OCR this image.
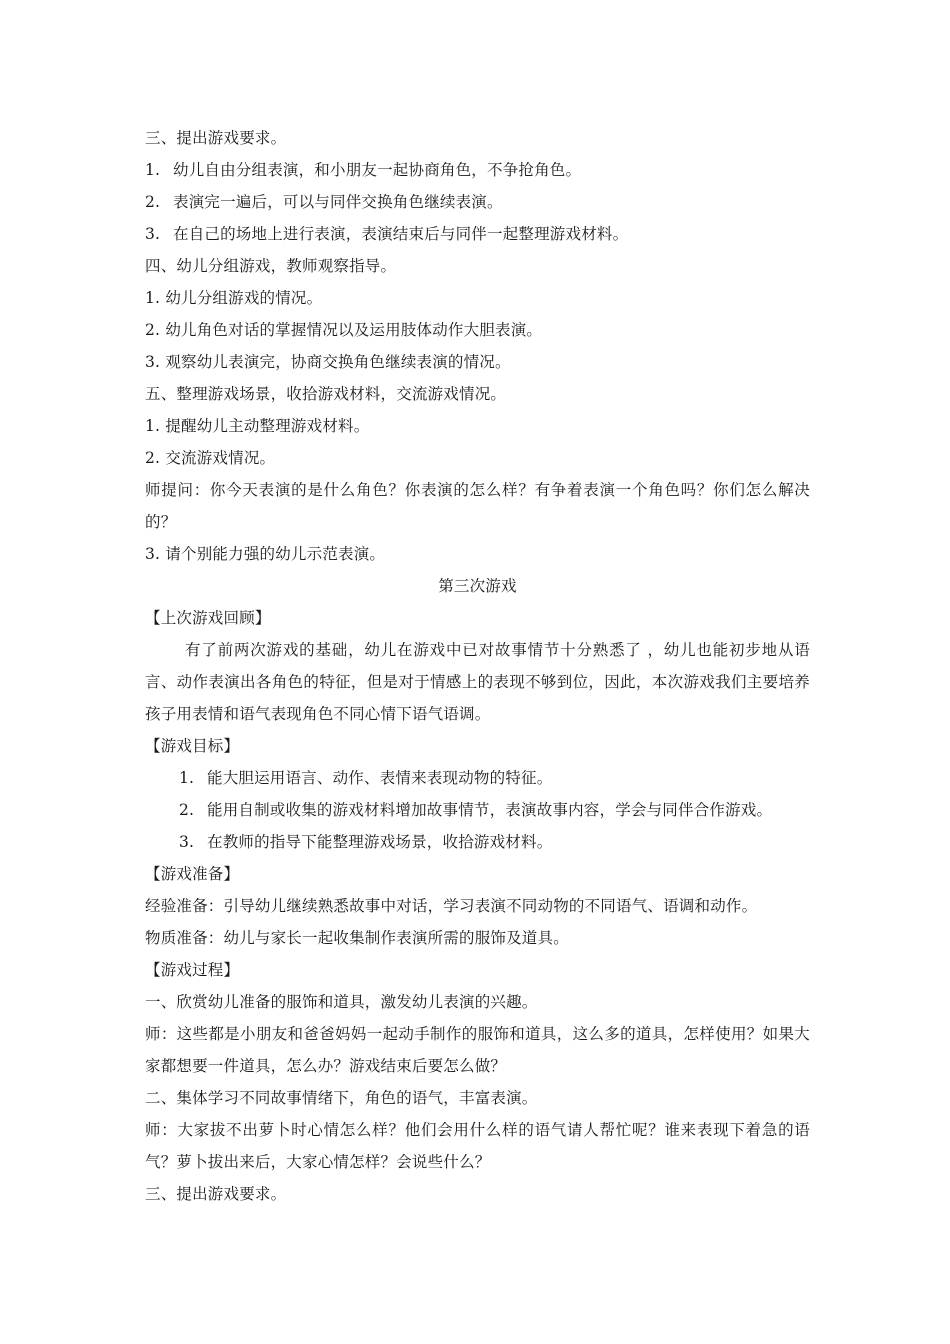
三、提出游戏要求。
1. 幼儿自由分组表演，和小朋友一起协商角色，不争抢角色。
2. 表演完一遍后，可以与同伴交换角色继续表演。
3. 在自己的场地上进行表演，表演结束后与同伴一起整理游戏材料。
四、幼儿分组游戏，教师观察指导。
1. 幼儿分组游戏的情况。
2. 幼儿角色对话的掌握情况以及运用肢体动作大胆表演。
3. 观察幼儿表演完，协商交换角色继续表演的情况。
五、整理游戏场景，收拾游戏材料，交流游戏情况。
1. 提醒幼儿主动整理游戏材料。
2. 交流游戏情况。
师提问：你今天表演的是什么角色？你表演的怎么样？有争着表演一个角色吗？你们怎么解决的？
3. 请个别能力强的幼儿示范表演。
第三次游戏
【上次游戏回顾】
有了前两次游戏的基础，幼儿在游戏中已对故事情节十分熟悉了 ，幼儿也能初步地从语言、动作表演出各角色的特征，但是对于情感上的表现不够到位，因此，本次游戏我们主要培养孩子用表情和语气表现角色不同心情下语气语调。
【游戏目标】
1. 能大胆运用语言、动作、表情来表现动物的特征。
2. 能用自制或收集的游戏材料增加故事情节，表演故事内容，学会与同伴合作游戏。
3. 在教师的指导下能整理游戏场景，收拾游戏材料。
【游戏准备】
经验准备：引导幼儿继续熟悉故事中对话，学习表演不同动物的不同语气、语调和动作。
物质准备：幼儿与家长一起收集制作表演所需的服饰及道具。
【游戏过程】
一、欣赏幼儿准备的服饰和道具，激发幼儿表演的兴趣。
师：这些都是小朋友和爸爸妈妈一起动手制作的服饰和道具，这么多的道具，怎样使用？如果大家都想要一件道具，怎么办？游戏结束后要怎么做？
二、集体学习不同故事情绪下，角色的语气，丰富表演。
师：大家拔不出萝卜时心情怎么样？他们会用什么样的语气请人帮忙呢？谁来表现下着急的语气？萝卜拔出来后，大家心情怎样？会说些什么？
三、提出游戏要求。
